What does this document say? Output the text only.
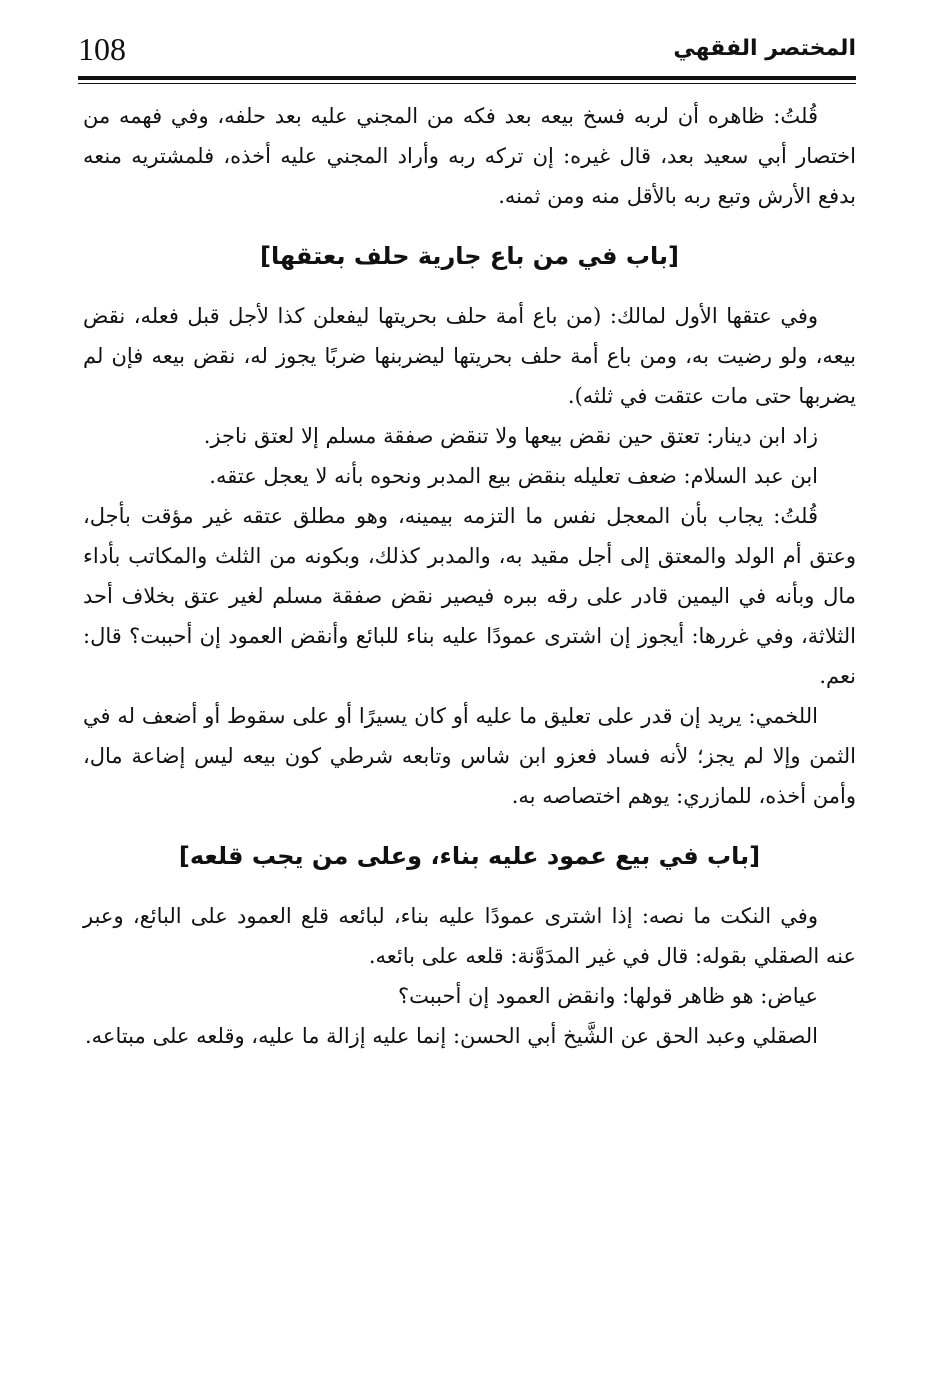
108	المختصر الفقهي

قُلتُ: ظاهره أن لربه فسخ بيعه بعد فكه من المجني عليه بعد حلفه، وفي فهمه من اختصار أبي سعيد بعد، قال غيره: إن تركه ربه وأراد المجني عليه أخذه، فلمشتريه منعه بدفع الأرش وتبع ربه بالأقل منه ومن ثمنه.

[باب في من باع جارية حلف بعتقها]

وفي عتقها الأول لمالك: (من باع أمة حلف بحريتها ليفعلن كذا لأجل قبل فعله، نقض بيعه، ولو رضيت به، ومن باع أمة حلف بحريتها ليضربنها ضربًا يجوز له، نقض بيعه فإن لم يضربها حتى مات عتقت في ثلثه).

زاد ابن دينار: تعتق حين نقض بيعها ولا تنقض صفقة مسلم إلا لعتق ناجز.

ابن عبد السلام: ضعف تعليله بنقض بيع المدبر ونحوه بأنه لا يعجل عتقه.

قُلتُ: يجاب بأن المعجل نفس ما التزمه بيمينه، وهو مطلق عتقه غير مؤقت بأجل، وعتق أم الولد والمعتق إلى أجل مقيد به، والمدبر كذلك، وبكونه من الثلث والمكاتب بأداء مال وبأنه في اليمين قادر على رقه ببره فيصير نقض صفقة مسلم لغير عتق بخلاف أحد الثلاثة، وفي غررها: أيجوز إن اشترى عمودًا عليه بناء للبائع وأنقض العمود إن أحببت؟ قال: نعم.

اللخمي: يريد إن قدر على تعليق ما عليه أو كان يسيرًا أو على سقوط أو أضعف له في الثمن وإلا لم يجز؛ لأنه فساد فعزو ابن شاس وتابعه شرطي كون بيعه ليس إضاعة مال، وأمن أخذه، للمازري: يوهم اختصاصه به.

[باب في بيع عمود عليه بناء، وعلى من يجب قلعه]

وفي النكت ما نصه: إذا اشترى عمودًا عليه بناء، لبائعه قلع العمود على البائع، وعبر عنه الصقلي بقوله: قال في غير المدَوَّنة: قلعه على بائعه.

عياض: هو ظاهر قولها: وانقض العمود إن أحببت؟

الصقلي وعبد الحق عن الشَّيخ أبي الحسن: إنما عليه إزالة ما عليه، وقلعه على مبتاعه.
